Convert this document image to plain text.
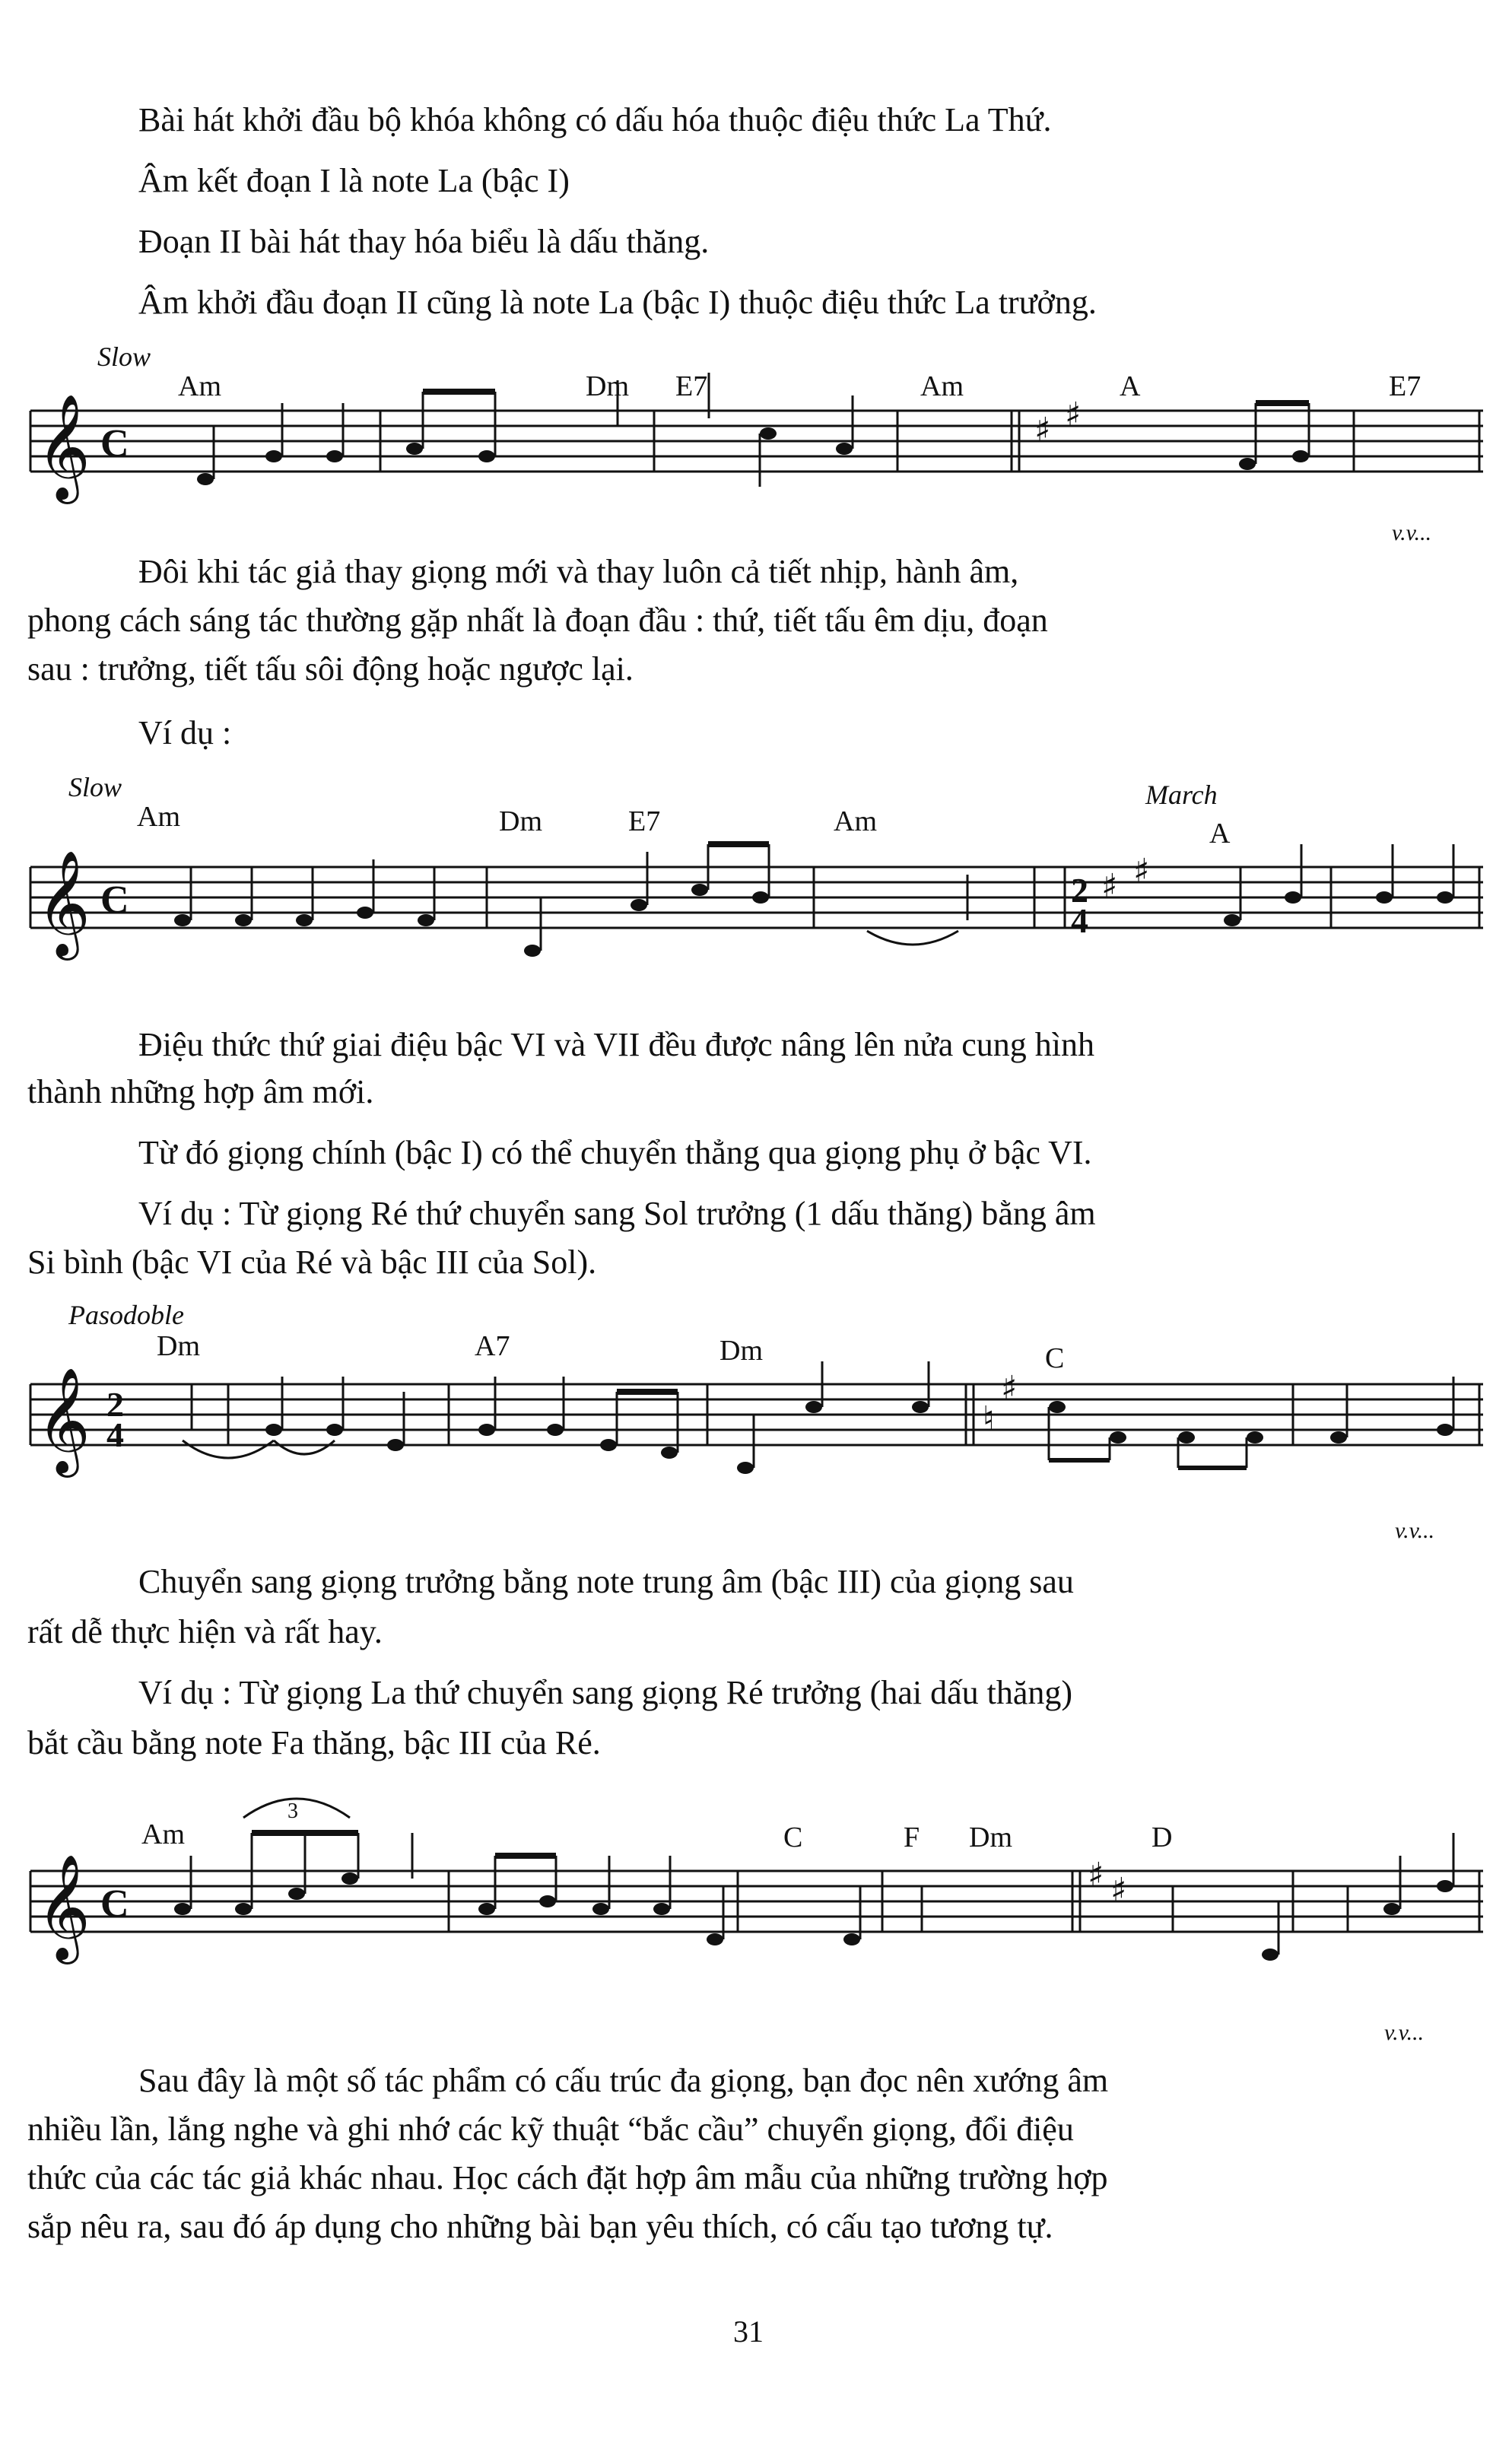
Bài hát khởi đầu bộ khóa không có dấu hóa thuộc điệu thức La Thứ.

Âm kết đoạn I là note La (bậc I)

Đoạn II bài hát thay hóa biểu là dấu thăng.

Âm khởi đầu đoạn II cũng là note La (bậc I) thuộc điệu thức La trưởng.

Slow
Am	Dm E7	Am	A	E7
𝄞 C	♯ ♯
v.v...

Đôi khi tác giả thay giọng mới và thay luôn cả tiết nhịp, hành âm,

phong cách sáng tác thường gặp nhất là đoạn đầu : thứ, tiết tấu êm dịu, đoạn

sau : trưởng, tiết tấu sôi động hoặc ngược lại.

Ví dụ :

Slow	March
Am	Dm	E7	Am	A
𝄞 C	2
4
♯ ♯

Điệu thức thứ giai điệu bậc VI và VII đều được nâng lên nửa cung hình

thành những hợp âm mới.

Từ đó giọng chính (bậc I) có thể chuyển thẳng qua giọng phụ ở bậc VI.

Ví dụ : Từ giọng Ré thứ chuyển sang Sol trưởng (1 dấu thăng) bằng âm

Si bình (bậc VI của Ré và bậc III của Sol).

Pasodoble
Dm	A7	Dm	C
𝄞 2
4	♮
♯
v.v...

Chuyển sang giọng trưởng bằng note trung âm (bậc III) của giọng sau

rất dễ thực hiện và rất hay.

Ví dụ : Từ giọng La thứ chuyển sang giọng Ré trưởng (hai dấu thăng)

bắt cầu bằng note Fa thăng, bậc III của Ré.

3
Am	C	F Dm	D
𝄞 C
♯ ♯
v.v...

Sau đây là một số tác phẩm có cấu trúc đa giọng, bạn đọc nên xướng âm

nhiều lần, lắng nghe và ghi nhớ các kỹ thuật “bắc cầu” chuyển giọng, đổi điệu

thức của các tác giả khác nhau. Học cách đặt hợp âm mẫu của những trường hợp

sắp nêu ra, sau đó áp dụng cho những bài bạn yêu thích, có cấu tạo tương tự.

31
